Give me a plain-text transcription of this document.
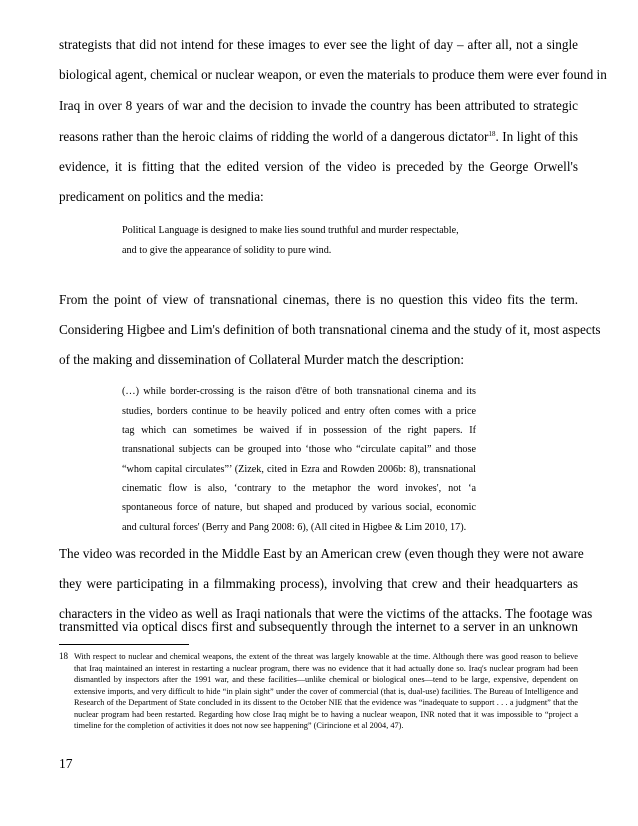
strategists that did not intend for these images to ever see the light of day – after all, not a single
biological agent, chemical or nuclear weapon, or even the materials to produce them were ever found in
Iraq in over 8 years of war and the decision to invade the country has been attributed to strategic
reasons rather than the heroic claims of ridding the world of a dangerous dictator$^{18}$. In light of this
evidence, it is fitting that the edited version of the video is preceded by the George Orwell's
predicament on politics and the media:
Political Language is designed to make lies sound truthful and murder respectable,
and to give the appearance of solidity to pure wind.
From the point of view of transnational cinemas, there is no question this video fits the term.
Considering Higbee and Lim's definition of both transnational cinema and the study of it, most aspects
of the making and dissemination of Collateral Murder match the description:
(…) while border-crossing is the raison d'être of both transnational cinema and its
studies, borders continue to be heavily policed and entry often comes with a price
tag which can sometimes be waived if in possession of the right papers. If
transnational subjects can be grouped into ‘those who “circulate capital” and those
“whom capital circulates”’ (Zizek, cited in Ezra and Rowden 2006b: 8), transnational
cinematic flow is also, ‘contrary to the metaphor the word invokes', not ‘a
spontaneous force of nature, but shaped and produced by various social, economic
and cultural forces' (Berry and Pang 2008: 6), (All cited in Higbee & Lim 2010, 17).
The video was recorded in the Middle East by an American crew (even though they were not aware
they were participating in a filmmaking process), involving that crew and their headquarters as
characters in the video as well as Iraqi nationals that were the victims of the attacks. The footage was
transmitted via optical discs first and subsequently through the internet to a server in an unknown
18 With respect to nuclear and chemical weapons, the extent of the threat was largely knowable at the time. Although there was good reason to believe
that Iraq maintained an interest in restarting a nuclear program, there was no evidence that it had actually done so. Iraq's nuclear program had been
dismantled by inspectors after the 1991 war, and these facilities—unlike chemical or biological ones—tend to be large, expensive, dependent on
extensive imports, and very difficult to hide “in plain sight” under the cover of commercial (that is, dual-use) facilities. The Bureau of Intelligence and
Research of the Department of State concluded in its dissent to the October NIE that the evidence was “inadequate to support . . . a judgment” that the
nuclear program had been restarted. Regarding how close Iraq might be to having a nuclear weapon, INR noted that it was impossible to “project a
timeline for the completion of activities it does not now see happening” (Cirincione et al 2004, 47).
17
